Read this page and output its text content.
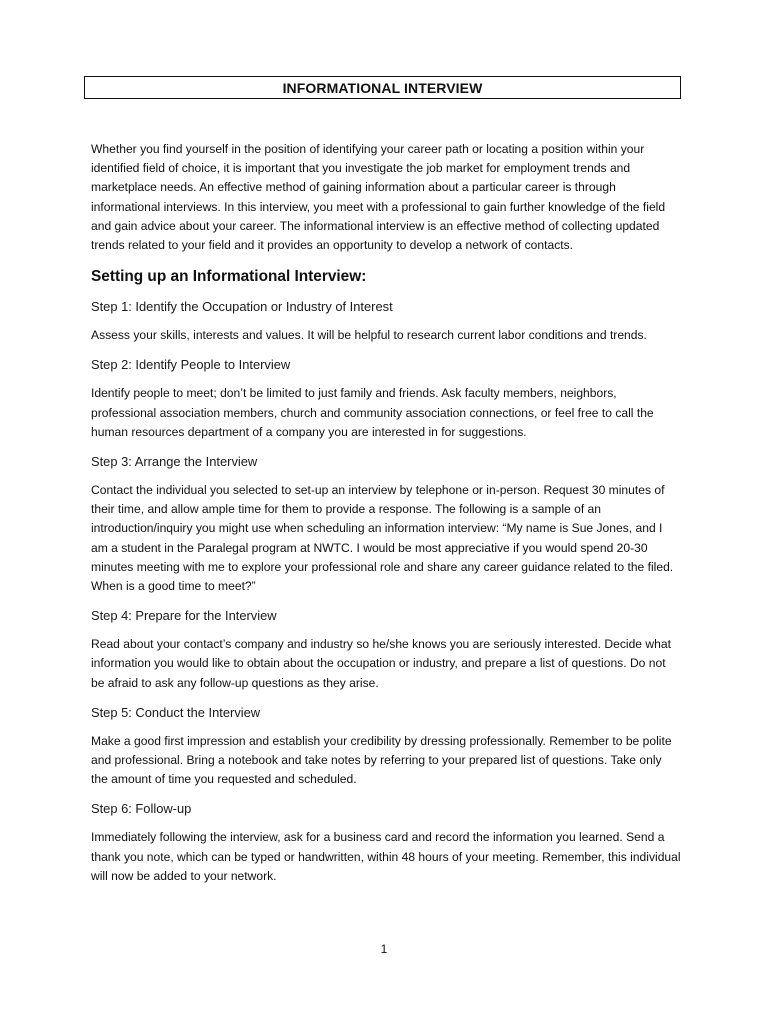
INFORMATIONAL INTERVIEW

Whether you find yourself in the position of identifying your career path or locating a position within your identified field of choice, it is important that you investigate the job market for employment trends and marketplace needs. An effective method of gaining information about a particular career is through informational interviews. In this interview, you meet with a professional to gain further knowledge of the field and gain advice about your career. The informational interview is an effective method of collecting updated trends related to your field and it provides an opportunity to develop a network of contacts.

Setting up an Informational Interview:
Step 1: Identify the Occupation or Industry of Interest

Assess your skills, interests and values. It will be helpful to research current labor conditions and trends.

Step 2: Identify People to Interview

Identify people to meet; don’t be limited to just family and friends. Ask faculty members, neighbors, professional association members, church and community association connections, or feel free to call the human resources department of a company you are interested in for suggestions.

Step 3: Arrange the Interview

Contact the individual you selected to set-up an interview by telephone or in-person. Request 30 minutes of their time, and allow ample time for them to provide a response. The following is a sample of an introduction/inquiry you might use when scheduling an information interview: “My name is Sue Jones, and I am a student in the Paralegal program at NWTC. I would be most appreciative if you would spend 20-30 minutes meeting with me to explore your professional role and share any career guidance related to the filed. When is a good time to meet?”

Step 4: Prepare for the Interview

Read about your contact’s company and industry so he/she knows you are seriously interested. Decide what information you would like to obtain about the occupation or industry, and prepare a list of questions. Do not be afraid to ask any follow-up questions as they arise.

Step 5: Conduct the Interview

Make a good first impression and establish your credibility by dressing professionally. Remember to be polite and professional. Bring a notebook and take notes by referring to your prepared list of questions. Take only the amount of time you requested and scheduled.

Step 6: Follow-up

Immediately following the interview, ask for a business card and record the information you learned. Send a thank you note, which can be typed or handwritten, within 48 hours of your meeting. Remember, this individual will now be added to your network.

1
